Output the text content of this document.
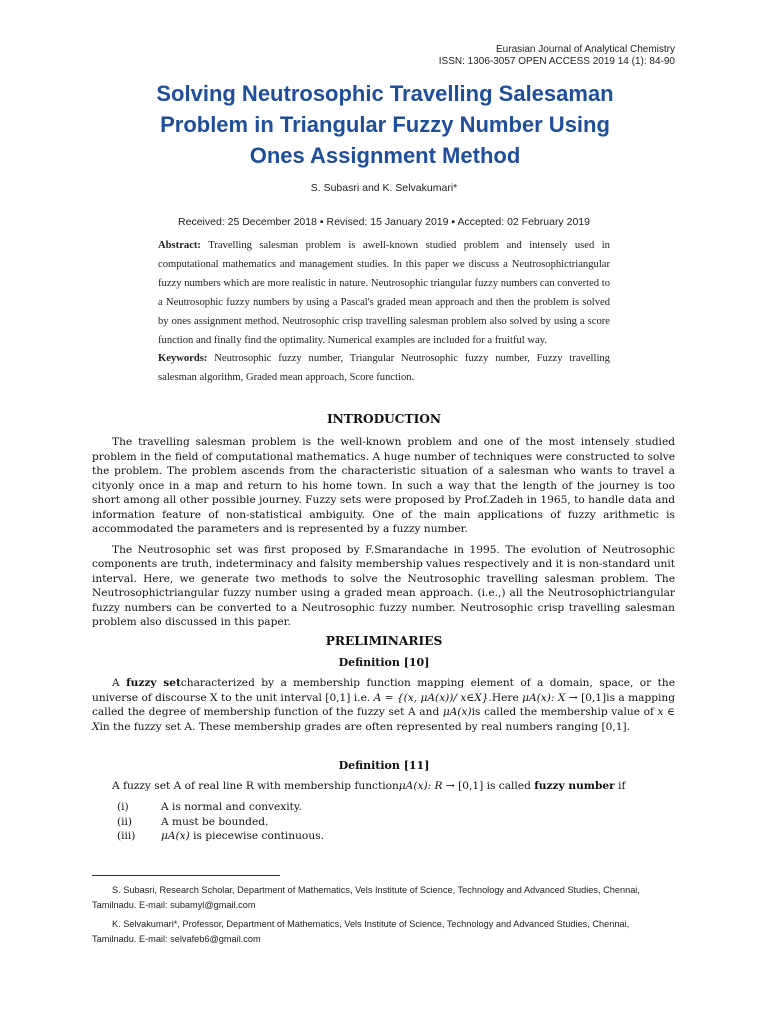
Eurasian Journal of Analytical Chemistry
ISSN: 1306-3057 OPEN ACCESS 2019 14 (1): 84-90
Solving Neutrosophic Travelling Salesaman
Problem in Triangular Fuzzy Number Using
Ones Assignment Method
S. Subasri and K. Selvakumari*
Received: 25 December 2018 ▪ Revised: 15 January 2019 ▪ Accepted: 02 February 2019
Abstract: Travelling salesman problem is awell-known studied problem and intensely used in computational mathematics and management studies. In this paper we discuss a Neutrosophictriangular fuzzy numbers which are more realistic in nature. Neutrosophic triangular fuzzy numbers can converted to a Neutrosophic fuzzy numbers by using a Pascal's graded mean approach and then the problem is solved by ones assignment method. Neutrosophic crisp travelling salesman problem also solved by using a score function and finally find the optimality. Numerical examples are included for a fruitful way.
Keywords: Neutrosophic fuzzy number, Triangular Neutrosophic fuzzy number, Fuzzy travelling salesman algorithm, Graded mean approach, Score function.
INTRODUCTION

The travelling salesman problem is the well-known problem and one of the most intensely studied problem in the field of computational mathematics. A huge number of techniques were constructed to solve the problem. The problem ascends from the characteristic situation of a salesman who wants to travel a cityonly once in a map and return to his home town. In such a way that the length of the journey is too short among all other possible journey. Fuzzy sets were proposed by Prof.Zadeh in 1965, to handle data and information feature of non-statistical ambiguity. One of the main applications of fuzzy arithmetic is accommodated the parameters and is represented by a fuzzy number.

The Neutrosophic set was first proposed by F.Smarandache in 1995. The evolution of Neutrosophic components are truth, indeterminacy and falsity membership values respectively and it is non-standard unit interval. Here, we generate two methods to solve the Neutrosophic travelling salesman problem. The Neutrosophictriangular fuzzy number using a graded mean approach. (i.e.,) all the Neutrosophictriangular fuzzy numbers can be converted to a Neutrosophic fuzzy number. Neutrosophic crisp travelling salesman problem also discussed in this paper.

PRELIMINARIES
Definition [10]

A fuzzy setcharacterized by a membership function mapping element of a domain, space, or the universe of discourse X to the unit interval [0,1] i.e. A = {(x, μA(x))/ x∈X}.Here μA(x): X → [0,1]is a mapping called the degree of membership function of the fuzzy set A and μA(x)is called the membership value of x ∈ Xin the fuzzy set A. These membership grades are often represented by real numbers ranging [0,1].

Definition [11]

A fuzzy set A of real line R with membership functionμA(x): R → [0,1] is called fuzzy number if

(i)	A is normal and convexity.
(ii)	A must be bounded.
(iii)	μA(x) is piecewise continuous.

S. Subasri, Research Scholar, Department of Mathematics, Vels Institute of Science, Technology and Advanced Studies, Chennai, Tamilnadu. E-mail: subamyl@gmail.com

K. Selvakumari*, Professor, Department of Mathematics, Vels Institute of Science, Technology and Advanced Studies, Chennai, Tamilnadu. E-mail: selvafeb6@gmail.com
